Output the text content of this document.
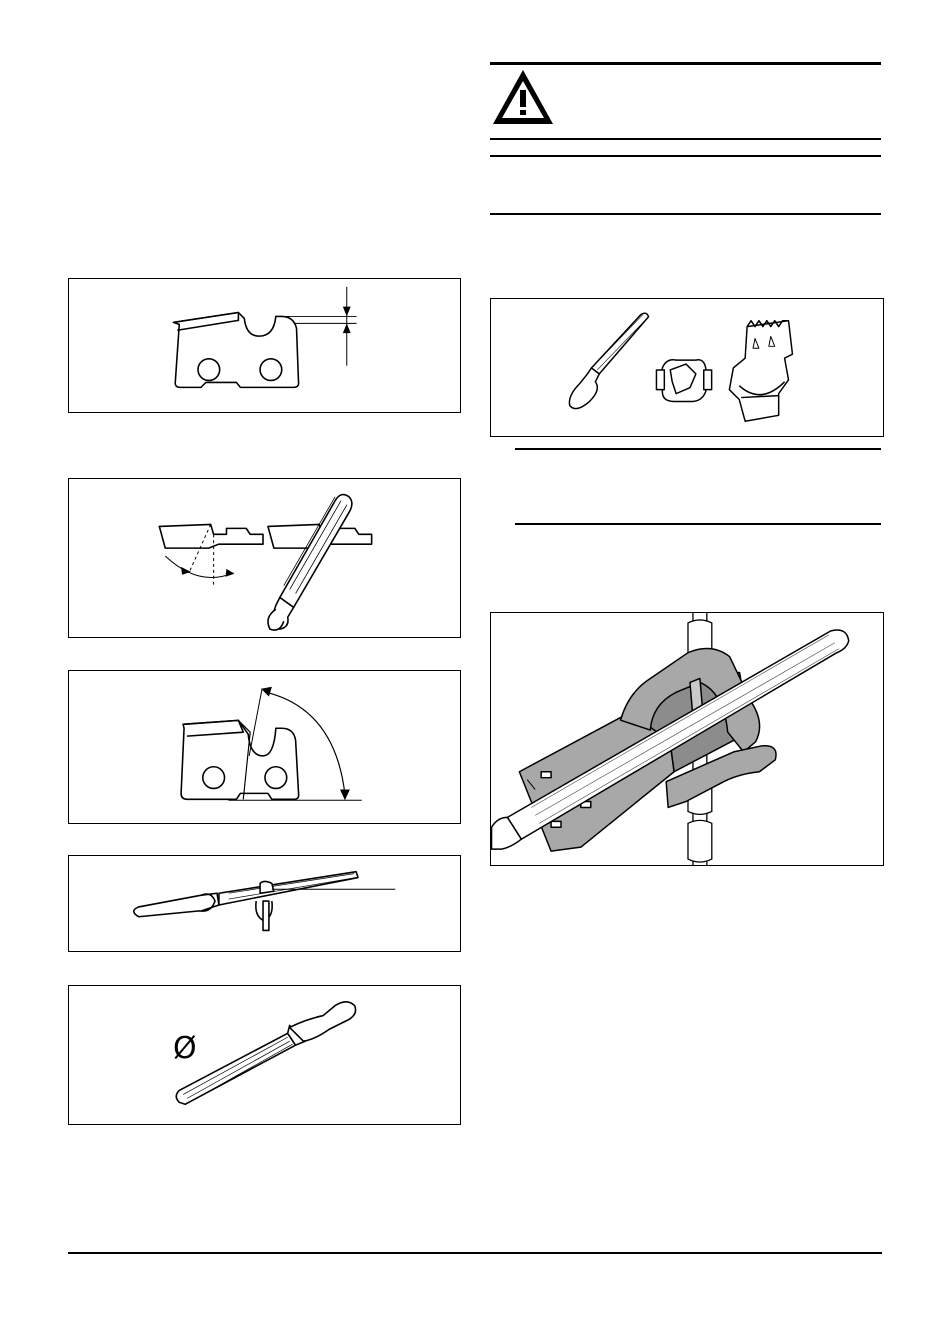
Ø
